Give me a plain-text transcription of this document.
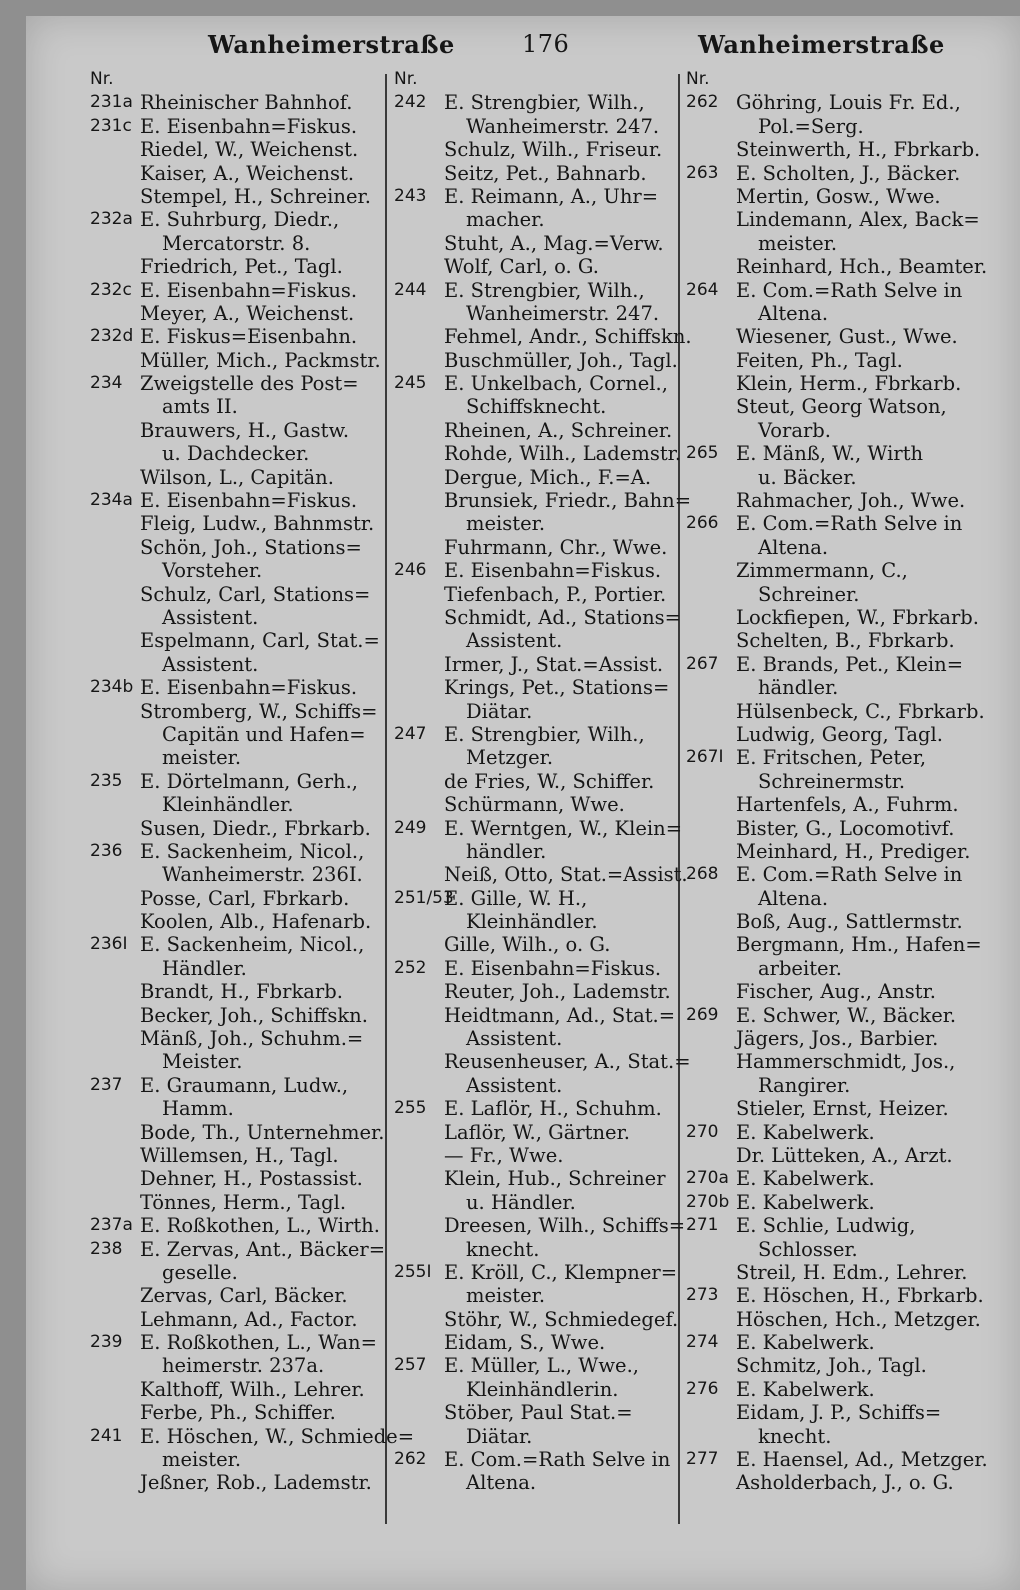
Wanheimerstraße	176	Wanheimerstraße
Nr.
231a Rheinischer Bahnhof.
231c E. Eisenbahn=Fiskus.
Riedel, W., Weichenst.
Kaiser, A., Weichenst.
Stempel, H., Schreiner.
232a E. Suhrburg, Diedr.,
Mercatorstr. 8.
Friedrich, Pet., Tagl.
232c E. Eisenbahn=Fiskus.
Meyer, A., Weichenst.
232d E. Fiskus=Eisenbahn.
Müller, Mich., Packmstr.
234 Zweigstelle des Post=
amts II.
Brauwers, H., Gastw.
u. Dachdecker.
Wilson, L., Capitän.
234a E. Eisenbahn=Fiskus.
Fleig, Ludw., Bahnmstr.
Schön, Joh., Stations=
Vorsteher.
Schulz, Carl, Stations=
Assistent.
Espelmann, Carl, Stat.=
Assistent.
234b E. Eisenbahn=Fiskus.
Stromberg, W., Schiffs=
Capitän und Hafen=
meister.
235 E. Dörtelmann, Gerh.,
Kleinhändler.
Susen, Diedr., Fbrkarb.
236 E. Sackenheim, Nicol.,
Wanheimerstr. 236I.
Posse, Carl, Fbrkarb.
Koolen, Alb., Hafenarb.
236I E. Sackenheim, Nicol.,
Händler.
Brandt, H., Fbrkarb.
Becker, Joh., Schiffskn.
Mänß, Joh., Schuhm.=
Meister.
237 E. Graumann, Ludw.,
Hamm.
Bode, Th., Unternehmer.
Willemsen, H., Tagl.
Dehner, H., Postassist.
Tönnes, Herm., Tagl.
237a E. Roßkothen, L., Wirth.
238 E. Zervas, Ant., Bäcker=
geselle.
Zervas, Carl, Bäcker.
Lehmann, Ad., Factor.
239 E. Roßkothen, L., Wan=
heimerstr. 237a.
Kalthoff, Wilh., Lehrer.
Ferbe, Ph., Schiffer.
241 E. Höschen, W., Schmiede=
meister.
Jeßner, Rob., Lademstr.
Nr.
242 E. Strengbier, Wilh.,
Wanheimerstr. 247.
Schulz, Wilh., Friseur.
Seitz, Pet., Bahnarb.
243 E. Reimann, A., Uhr=
macher.
Stuht, A., Mag.=Verw.
Wolf, Carl, o. G.
244 E. Strengbier, Wilh.,
Wanheimerstr. 247.
Fehmel, Andr., Schiffskn.
Buschmüller, Joh., Tagl.
245 E. Unkelbach, Cornel.,
Schiffsknecht.
Rheinen, A., Schreiner.
Rohde, Wilh., Lademstr.
Dergue, Mich., F.=A.
Brunsiek, Friedr., Bahn=
meister.
Fuhrmann, Chr., Wwe.
246 E. Eisenbahn=Fiskus.
Tiefenbach, P., Portier.
Schmidt, Ad., Stations=
Assistent.
Irmer, J., Stat.=Assist.
Krings, Pet., Stations=
Diätar.
247 E. Strengbier, Wilh.,
Metzger.
de Fries, W., Schiffer.
Schürmann, Wwe.
249 E. Werntgen, W., Klein=
händler.
Neiß, Otto, Stat.=Assist.
251/53
E. Gille, W. H.,
Kleinhändler.
Gille, Wilh., o. G.
252 E. Eisenbahn=Fiskus.
Reuter, Joh., Lademstr.
Heidtmann, Ad., Stat.=
Assistent.
Reusenheuser, A., Stat.=
Assistent.
255 E. Laflör, H., Schuhm.
Laflör, W., Gärtner.
— Fr., Wwe.
Klein, Hub., Schreiner
u. Händler.
Dreesen, Wilh., Schiffs=
knecht.
255I E. Kröll, C., Klempner=
meister.
Stöhr, W., Schmiedegef.
Eidam, S., Wwe.
257 E. Müller, L., Wwe.,
Kleinhändlerin.
Stöber, Paul Stat.=
Diätar.
262 E. Com.=Rath Selve in
Altena.
Nr.
262 Göhring, Louis Fr. Ed.,
Pol.=Serg.
Steinwerth, H., Fbrkarb.
263 E. Scholten, J., Bäcker.
Mertin, Gosw., Wwe.
Lindemann, Alex, Back=
meister.
Reinhard, Hch., Beamter.
264 E. Com.=Rath Selve in
Altena.
Wiesener, Gust., Wwe.
Feiten, Ph., Tagl.
Klein, Herm., Fbrkarb.
Steut, Georg Watson,
Vorarb.
265 E. Mänß, W., Wirth
u. Bäcker.
Rahmacher, Joh., Wwe.
266 E. Com.=Rath Selve in
Altena.
Zimmermann, C.,
Schreiner.
Lockfiepen, W., Fbrkarb.
Schelten, B., Fbrkarb.
267 E. Brands, Pet., Klein=
händler.
Hülsenbeck, C., Fbrkarb.
Ludwig, Georg, Tagl.
267I E. Fritschen, Peter,
Schreinermstr.
Hartenfels, A., Fuhrm.
Bister, G., Locomotivf.
Meinhard, H., Prediger.
268 E. Com.=Rath Selve in
Altena.
Boß, Aug., Sattlermstr.
Bergmann, Hm., Hafen=
arbeiter.
Fischer, Aug., Anstr.
269 E. Schwer, W., Bäcker.
Jägers, Jos., Barbier.
Hammerschmidt, Jos.,
Rangirer.
Stieler, Ernst, Heizer.
270 E. Kabelwerk.
Dr. Lütteken, A., Arzt.
270a E. Kabelwerk.
270b E. Kabelwerk.
271 E. Schlie, Ludwig,
Schlosser.
Streil, H. Edm., Lehrer.
273 E. Höschen, H., Fbrkarb.
Höschen, Hch., Metzger.
274 E. Kabelwerk.
Schmitz, Joh., Tagl.
276 E. Kabelwerk.
Eidam, J. P., Schiffs=
knecht.
277 E. Haensel, Ad., Metzger.
Asholderbach, J., o. G.
